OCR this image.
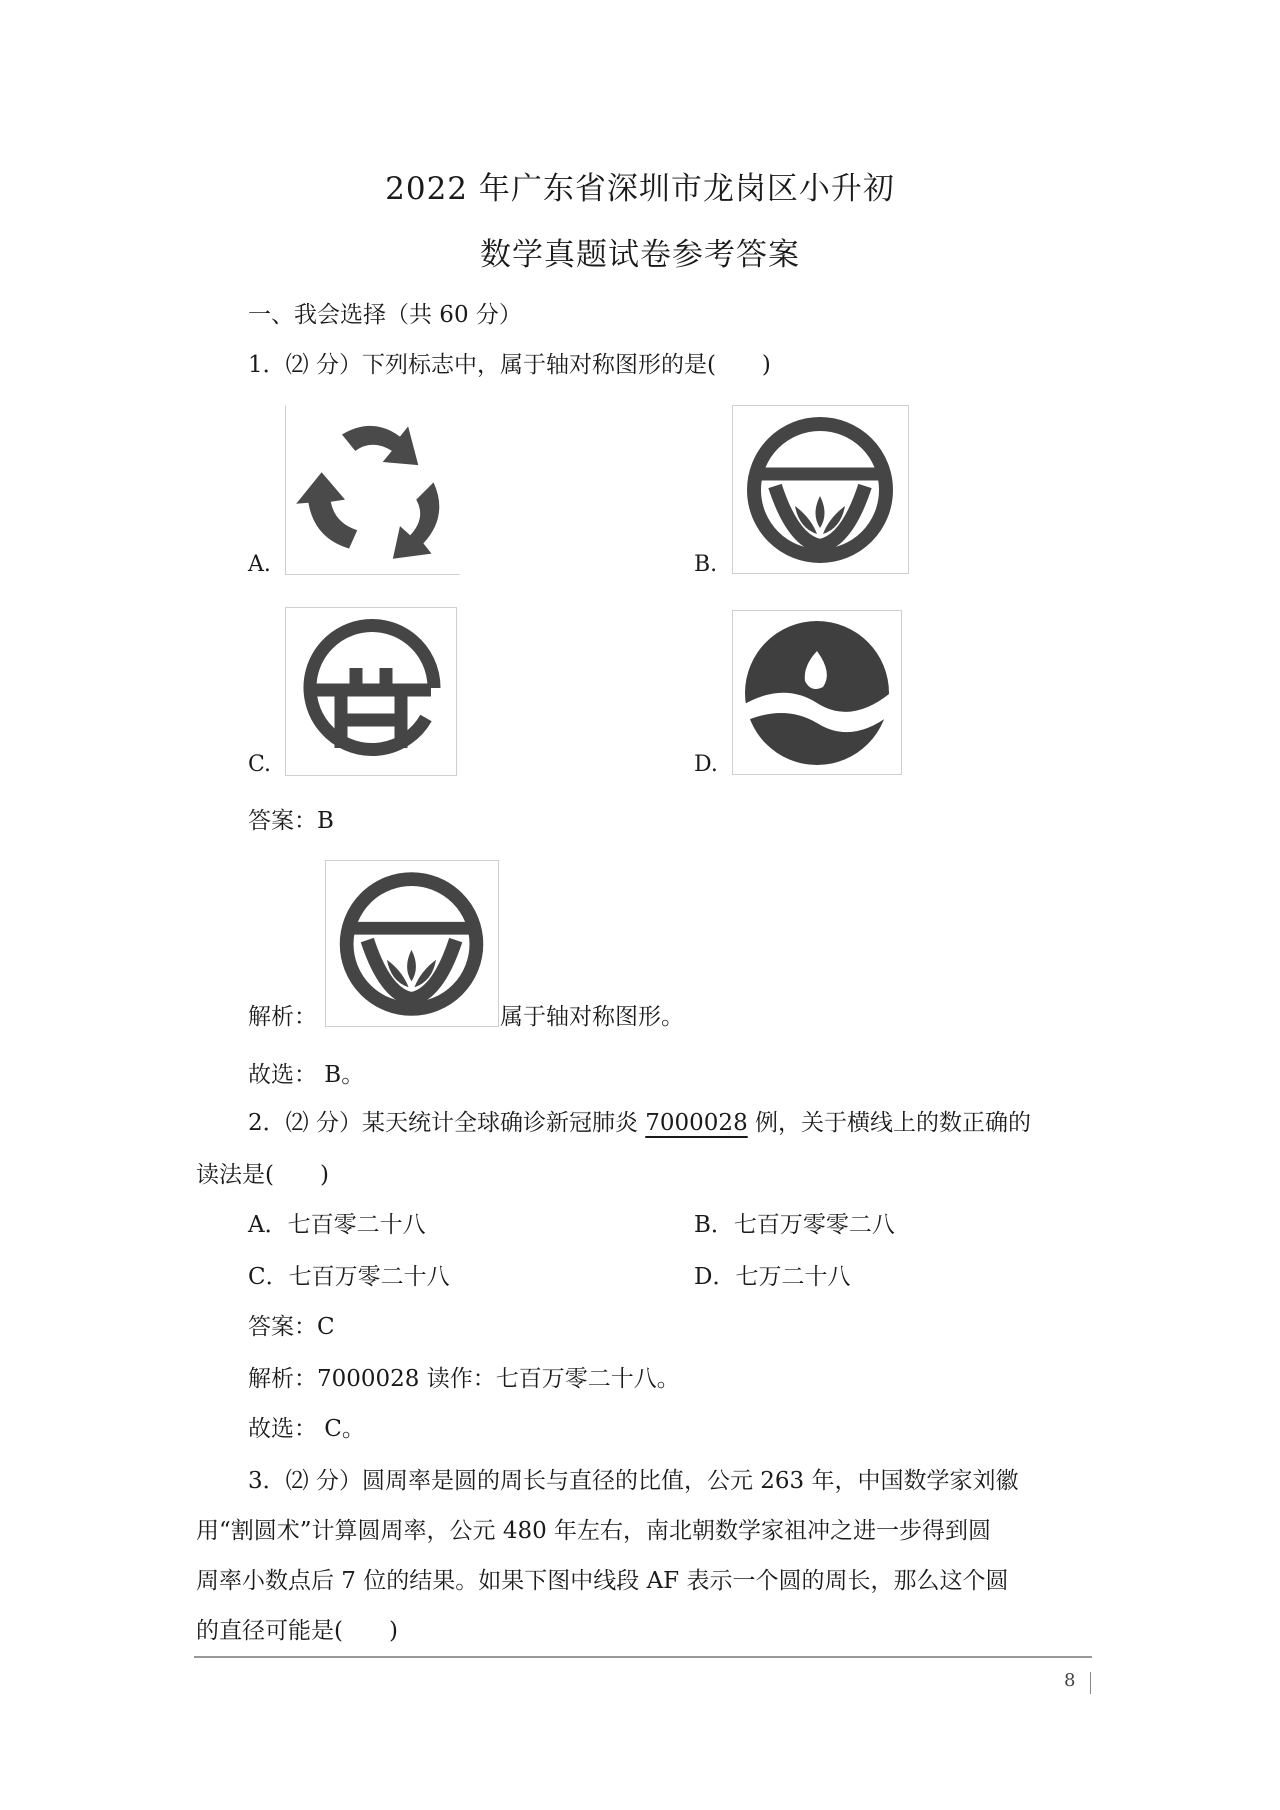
2022 年广东省深圳市龙岗区小升初
数学真题试卷参考答案
一、我会选择（共 60 分）
1．⑵ 分）下列标志中，属于轴对称图形的是(　　)
A.	B.
C.	D.
答案：B
解析：	属于轴对称图形。
故选： B。
2．⑵ 分）某天统计全球确诊新冠肺炎 7000028 例，关于横线上的数正确的
读法是(　　)
A．七百零二十八	B．七百万零零二八
C．七百万零二十八	D．七万二十八
答案：C
解析：7000028 读作：七百万零二十八。
故选： C。
3．⑵ 分）圆周率是圆的周长与直径的比值，公元 263 年，中国数学家刘徽
用“割圆术”计算圆周率，公元 480 年左右，南北朝数学家祖冲之进一步得到圆
周率小数点后 7 位的结果。如果下图中线段 AF 表示一个圆的周长，那么这个圆
的直径可能是(　　)
8
